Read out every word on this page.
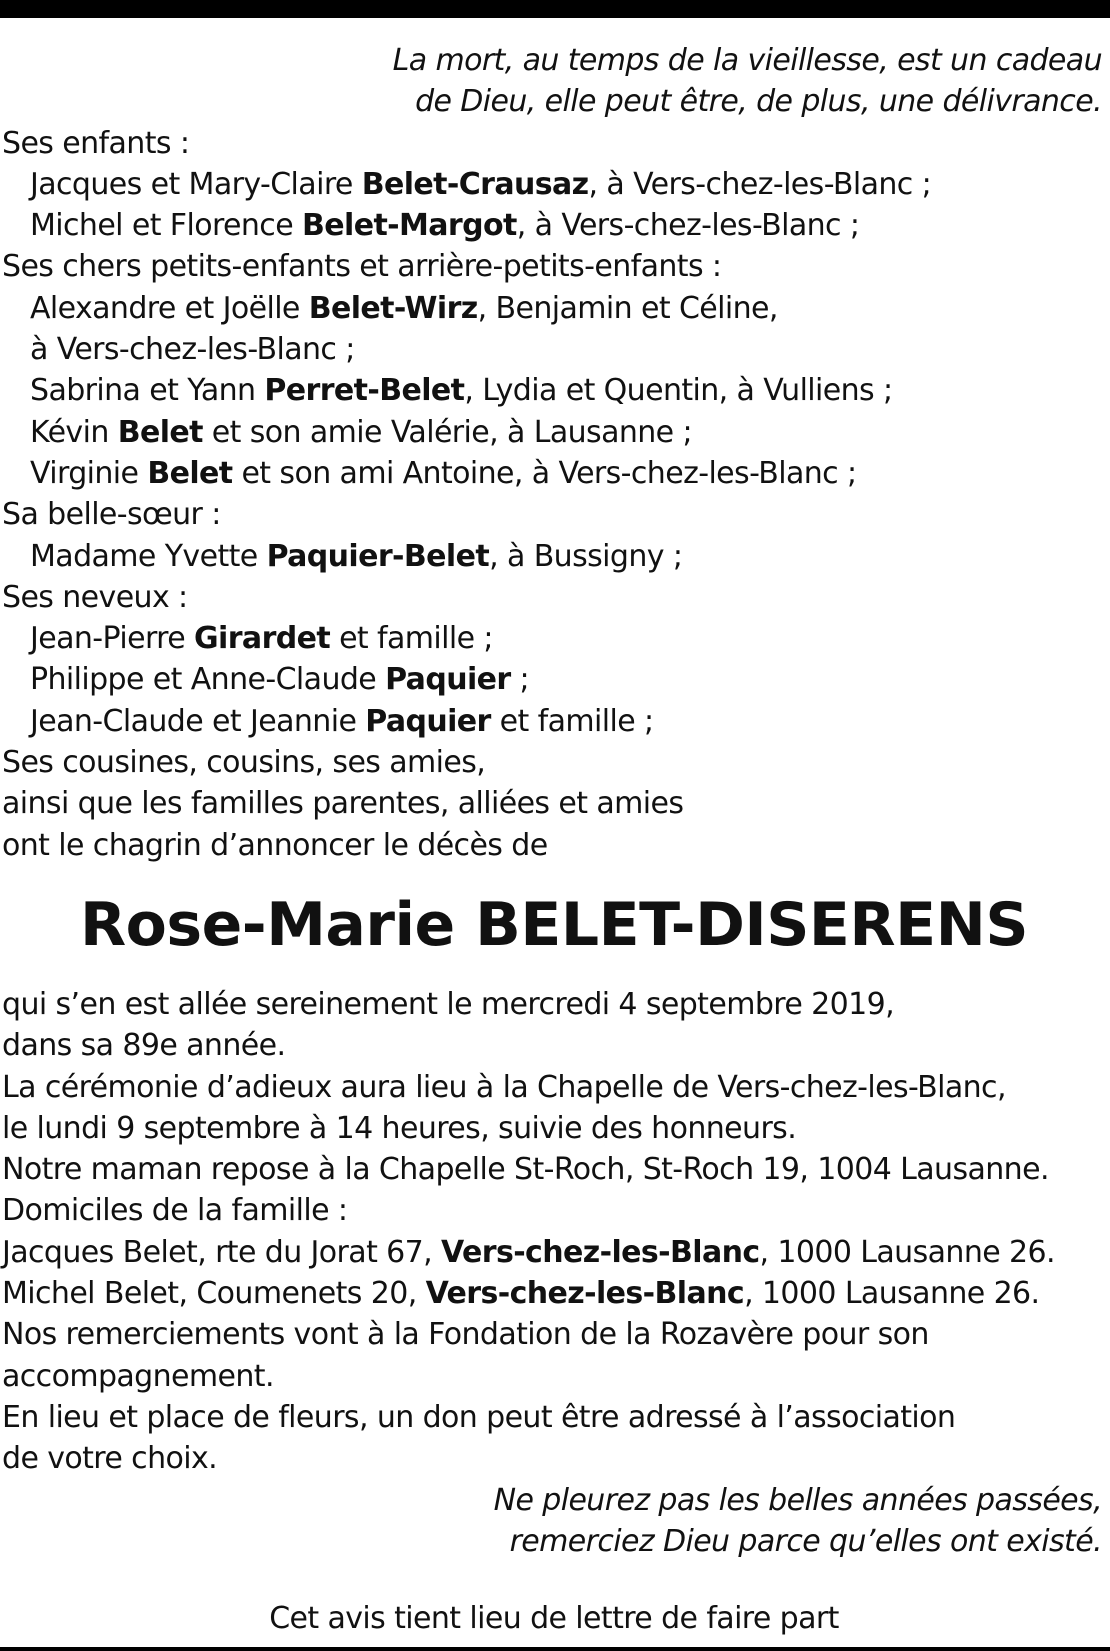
La mort, au temps de la vieillesse, est un cadeau
de Dieu, elle peut être, de plus, une délivrance.
Ses enfants :
Jacques et Mary-Claire Belet-Crausaz, à Vers-chez-les-Blanc ;
Michel et Florence Belet-Margot, à Vers-chez-les-Blanc ;
Ses chers petits-enfants et arrière-petits-enfants :
Alexandre et Joëlle Belet-Wirz, Benjamin et Céline,
à Vers-chez-les-Blanc ;
Sabrina et Yann Perret-Belet, Lydia et Quentin, à Vulliens ;
Kévin Belet et son amie Valérie, à Lausanne ;
Virginie Belet et son ami Antoine, à Vers-chez-les-Blanc ;
Sa belle-sœur :
Madame Yvette Paquier-Belet, à Bussigny ;
Ses neveux :
Jean-Pierre Girardet et famille ;
Philippe et Anne-Claude Paquier ;
Jean-Claude et Jeannie Paquier et famille ;
Ses cousines, cousins, ses amies,
ainsi que les familles parentes, alliées et amies
ont le chagrin d’annoncer le décès de
Rose-Marie BELET-DISERENS
qui s’en est allée sereinement le mercredi 4 septembre 2019,
dans sa 89e année.
La cérémonie d’adieux aura lieu à la Chapelle de Vers-chez-les-Blanc,
le lundi 9 septembre à 14 heures, suivie des honneurs.
Notre maman repose à la Chapelle St-Roch, St-Roch 19, 1004 Lausanne.
Domiciles de la famille :
Jacques Belet, rte du Jorat 67, Vers-chez-les-Blanc, 1000 Lausanne 26.
Michel Belet, Coumenets 20, Vers-chez-les-Blanc, 1000 Lausanne 26.
Nos remerciements vont à la Fondation de la Rozavère pour son
accompagnement.
En lieu et place de fleurs, un don peut être adressé à l’association
de votre choix.
Ne pleurez pas les belles années passées,
remerciez Dieu parce qu’elles ont existé.
Cet avis tient lieu de lettre de faire part
